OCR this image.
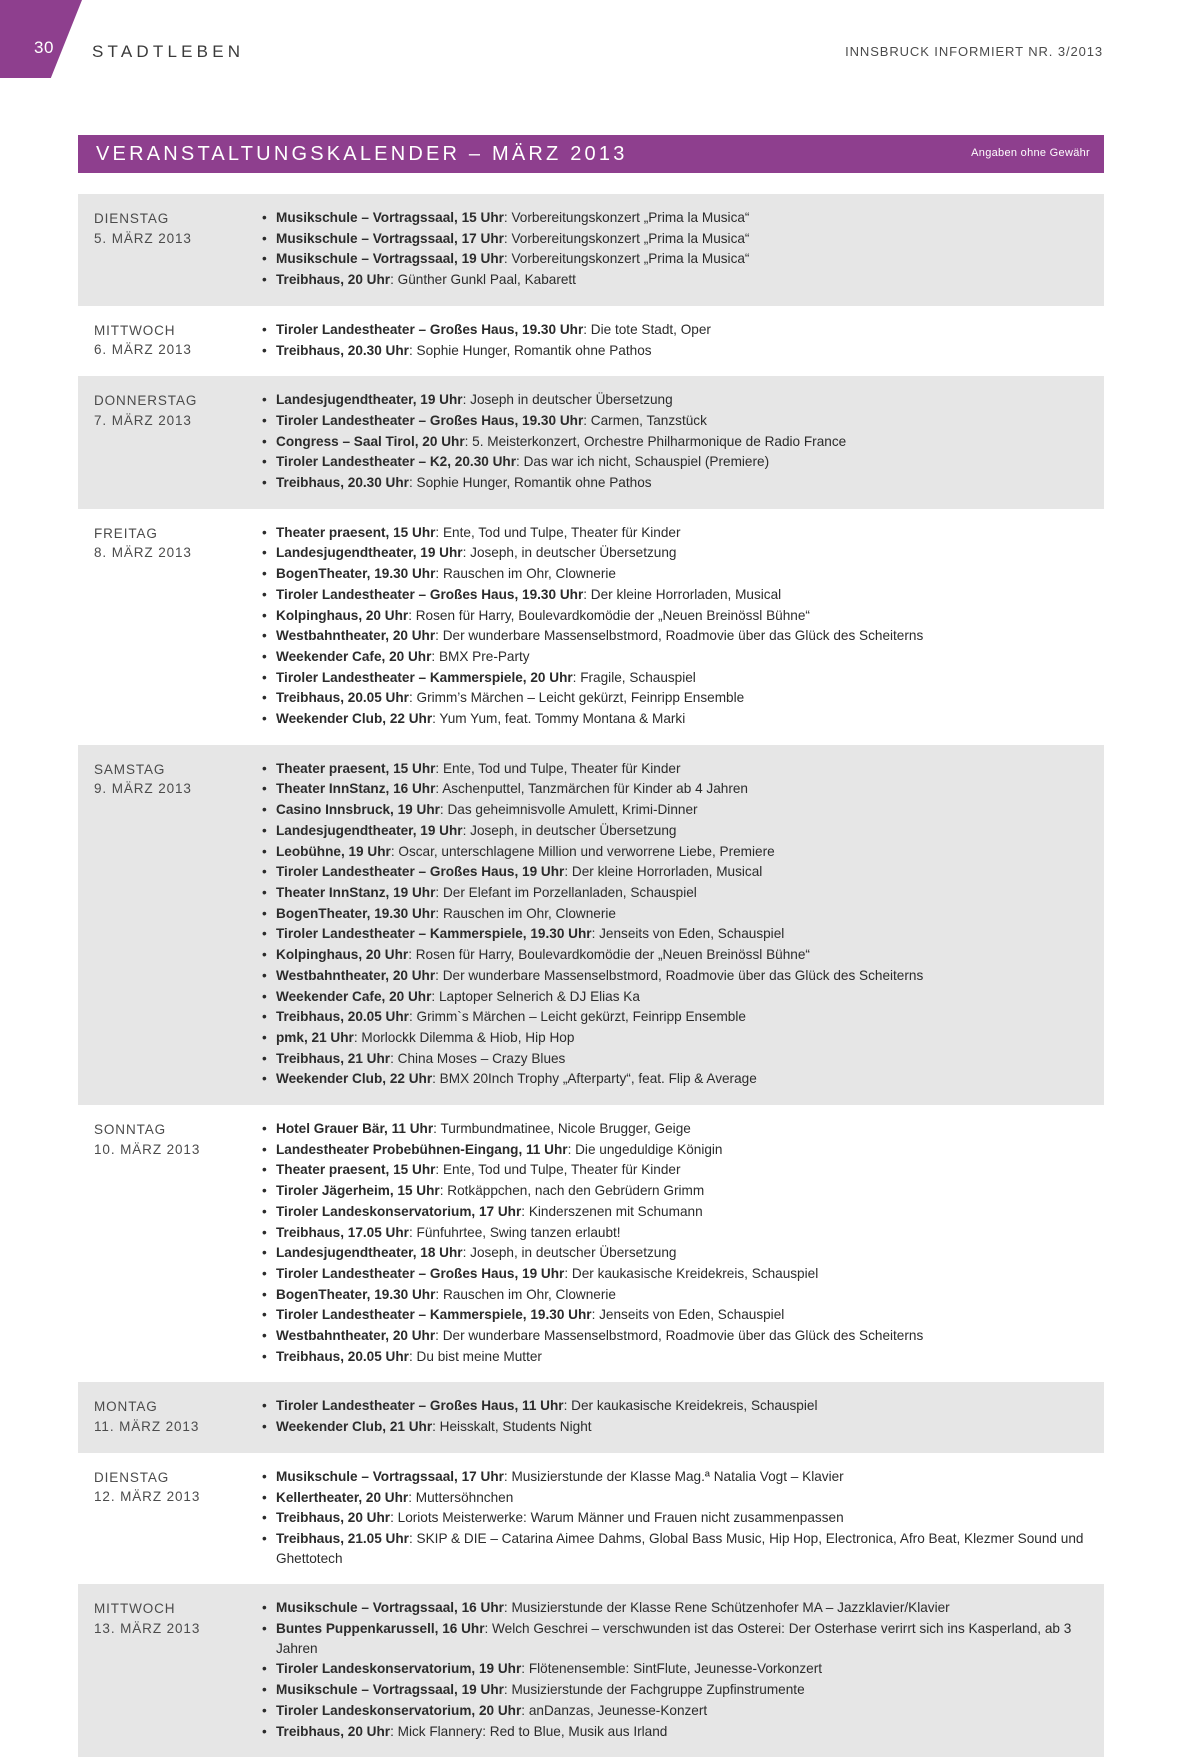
30 STADTLEBEN	INNSBRUCK INFORMIERT NR. 3/2013
VERANSTALTUNGSKALENDER – MÄRZ 2013	Angaben ohne Gewähr
DIENSTAG
5. MÄRZ 2013
• Musikschule – Vortragssaal, 15 Uhr: Vorbereitungskonzert „Prima la Musica“
• Musikschule – Vortragssaal, 17 Uhr: Vorbereitungskonzert „Prima la Musica“
• Musikschule – Vortragssaal, 19 Uhr: Vorbereitungskonzert „Prima la Musica“
• Treibhaus, 20 Uhr: Günther Gunkl Paal, Kabarett
MITTWOCH
6. MÄRZ 2013
• Tiroler Landestheater – Großes Haus, 19.30 Uhr: Die tote Stadt, Oper
• Treibhaus, 20.30 Uhr: Sophie Hunger, Romantik ohne Pathos
DONNERSTAG
7. MÄRZ 2013
• Landesjugendtheater, 19 Uhr: Joseph in deutscher Übersetzung
• Tiroler Landestheater – Großes Haus, 19.30 Uhr: Carmen, Tanzstück
• Congress – Saal Tirol, 20 Uhr: 5. Meisterkonzert, Orchestre Philharmonique de Radio France
• Tiroler Landestheater – K2, 20.30 Uhr: Das war ich nicht, Schauspiel (Premiere)
• Treibhaus, 20.30 Uhr: Sophie Hunger, Romantik ohne Pathos
FREITAG
8. MÄRZ 2013
• Theater praesent, 15 Uhr: Ente, Tod und Tulpe, Theater für Kinder
• Landesjugendtheater, 19 Uhr: Joseph, in deutscher Übersetzung
• BogenTheater, 19.30 Uhr: Rauschen im Ohr, Clownerie
• Tiroler Landestheater – Großes Haus, 19.30 Uhr: Der kleine Horrorladen, Musical
• Kolpinghaus, 20 Uhr: Rosen für Harry, Boulevardkomödie der „Neuen Breinössl Bühne“
• Westbahntheater, 20 Uhr: Der wunderbare Massenselbstmord, Roadmovie über das Glück des Scheiterns
• Weekender Cafe, 20 Uhr: BMX Pre-Party
• Tiroler Landestheater – Kammerspiele, 20 Uhr: Fragile, Schauspiel
• Treibhaus, 20.05 Uhr: Grimm’s Märchen – Leicht gekürzt, Feinripp Ensemble
• Weekender Club, 22 Uhr: Yum Yum, feat. Tommy Montana & Marki
SAMSTAG
9. MÄRZ 2013
• Theater praesent, 15 Uhr: Ente, Tod und Tulpe, Theater für Kinder
• Theater InnStanz, 16 Uhr: Aschenputtel, Tanzmärchen für Kinder ab 4 Jahren
• Casino Innsbruck, 19 Uhr: Das geheimnisvolle Amulett, Krimi-Dinner
• Landesjugendtheater, 19 Uhr: Joseph, in deutscher Übersetzung
• Leobühne, 19 Uhr: Oscar, unterschlagene Million und verworrene Liebe, Premiere
• Tiroler Landestheater – Großes Haus, 19 Uhr: Der kleine Horrorladen, Musical
• Theater InnStanz, 19 Uhr: Der Elefant im Porzellanladen, Schauspiel
• BogenTheater, 19.30 Uhr: Rauschen im Ohr, Clownerie
• Tiroler Landestheater – Kammerspiele, 19.30 Uhr: Jenseits von Eden, Schauspiel
• Kolpinghaus, 20 Uhr: Rosen für Harry, Boulevardkomödie der „Neuen Breinössl Bühne“
• Westbahntheater, 20 Uhr: Der wunderbare Massenselbstmord, Roadmovie über das Glück des Scheiterns
• Weekender Cafe, 20 Uhr: Laptoper Selnerich & DJ Elias Ka
• Treibhaus, 20.05 Uhr: Grimm`s Märchen – Leicht gekürzt, Feinripp Ensemble
• pmk, 21 Uhr: Morlockk Dilemma & Hiob, Hip Hop
• Treibhaus, 21 Uhr: China Moses – Crazy Blues
• Weekender Club, 22 Uhr: BMX 20Inch Trophy „Afterparty“, feat. Flip & Average
SONNTAG
10. MÄRZ 2013
• Hotel Grauer Bär, 11 Uhr: Turmbundmatinee, Nicole Brugger, Geige
• Landestheater Probebühnen-Eingang, 11 Uhr: Die ungeduldige Königin
• Theater praesent, 15 Uhr: Ente, Tod und Tulpe, Theater für Kinder
• Tiroler Jägerheim, 15 Uhr: Rotkäppchen, nach den Gebrüdern Grimm
• Tiroler Landeskonservatorium, 17 Uhr: Kinderszenen mit Schumann
• Treibhaus, 17.05 Uhr: Fünfuhrtee, Swing tanzen erlaubt!
• Landesjugendtheater, 18 Uhr: Joseph, in deutscher Übersetzung
• Tiroler Landestheater – Großes Haus, 19 Uhr: Der kaukasische Kreidekreis, Schauspiel
• BogenTheater, 19.30 Uhr: Rauschen im Ohr, Clownerie
• Tiroler Landestheater – Kammerspiele, 19.30 Uhr: Jenseits von Eden, Schauspiel
• Westbahntheater, 20 Uhr: Der wunderbare Massenselbstmord, Roadmovie über das Glück des Scheiterns
• Treibhaus, 20.05 Uhr: Du bist meine Mutter
MONTAG
11. MÄRZ 2013
• Tiroler Landestheater – Großes Haus, 11 Uhr: Der kaukasische Kreidekreis, Schauspiel
• Weekender Club, 21 Uhr: Heisskalt, Students Night
DIENSTAG
12. MÄRZ 2013
• Musikschule – Vortragssaal, 17 Uhr: Musizierstunde der Klasse Mag.ª Natalia Vogt – Klavier
• Kellertheater, 20 Uhr: Muttersöhnchen
• Treibhaus, 20 Uhr: Loriots Meisterwerke: Warum Männer und Frauen nicht zusammenpassen
• Treibhaus, 21.05 Uhr: SKIP & DIE – Catarina Aimee Dahms, Global Bass Music, Hip Hop, Electronica, Afro Beat, Klezmer Sound und Ghettotech
MITTWOCH
13. MÄRZ 2013
• Musikschule – Vortragssaal, 16 Uhr: Musizierstunde der Klasse Rene Schützenhofer MA – Jazzklavier/Klavier
• Buntes Puppenkarussell, 16 Uhr: Welch Geschrei – verschwunden ist das Osterei: Der Osterhase verirrt sich ins Kasperland, ab 3 Jahren
• Tiroler Landeskonservatorium, 19 Uhr: Flötenensemble: SintFlute, Jeunesse-Vorkonzert
• Musikschule – Vortragssaal, 19 Uhr: Musizierstunde der Fachgruppe Zupfinstrumente
• Tiroler Landeskonservatorium, 20 Uhr: anDanzas, Jeunesse-Konzert
• Treibhaus, 20 Uhr: Mick Flannery: Red to Blue, Musik aus Irland
